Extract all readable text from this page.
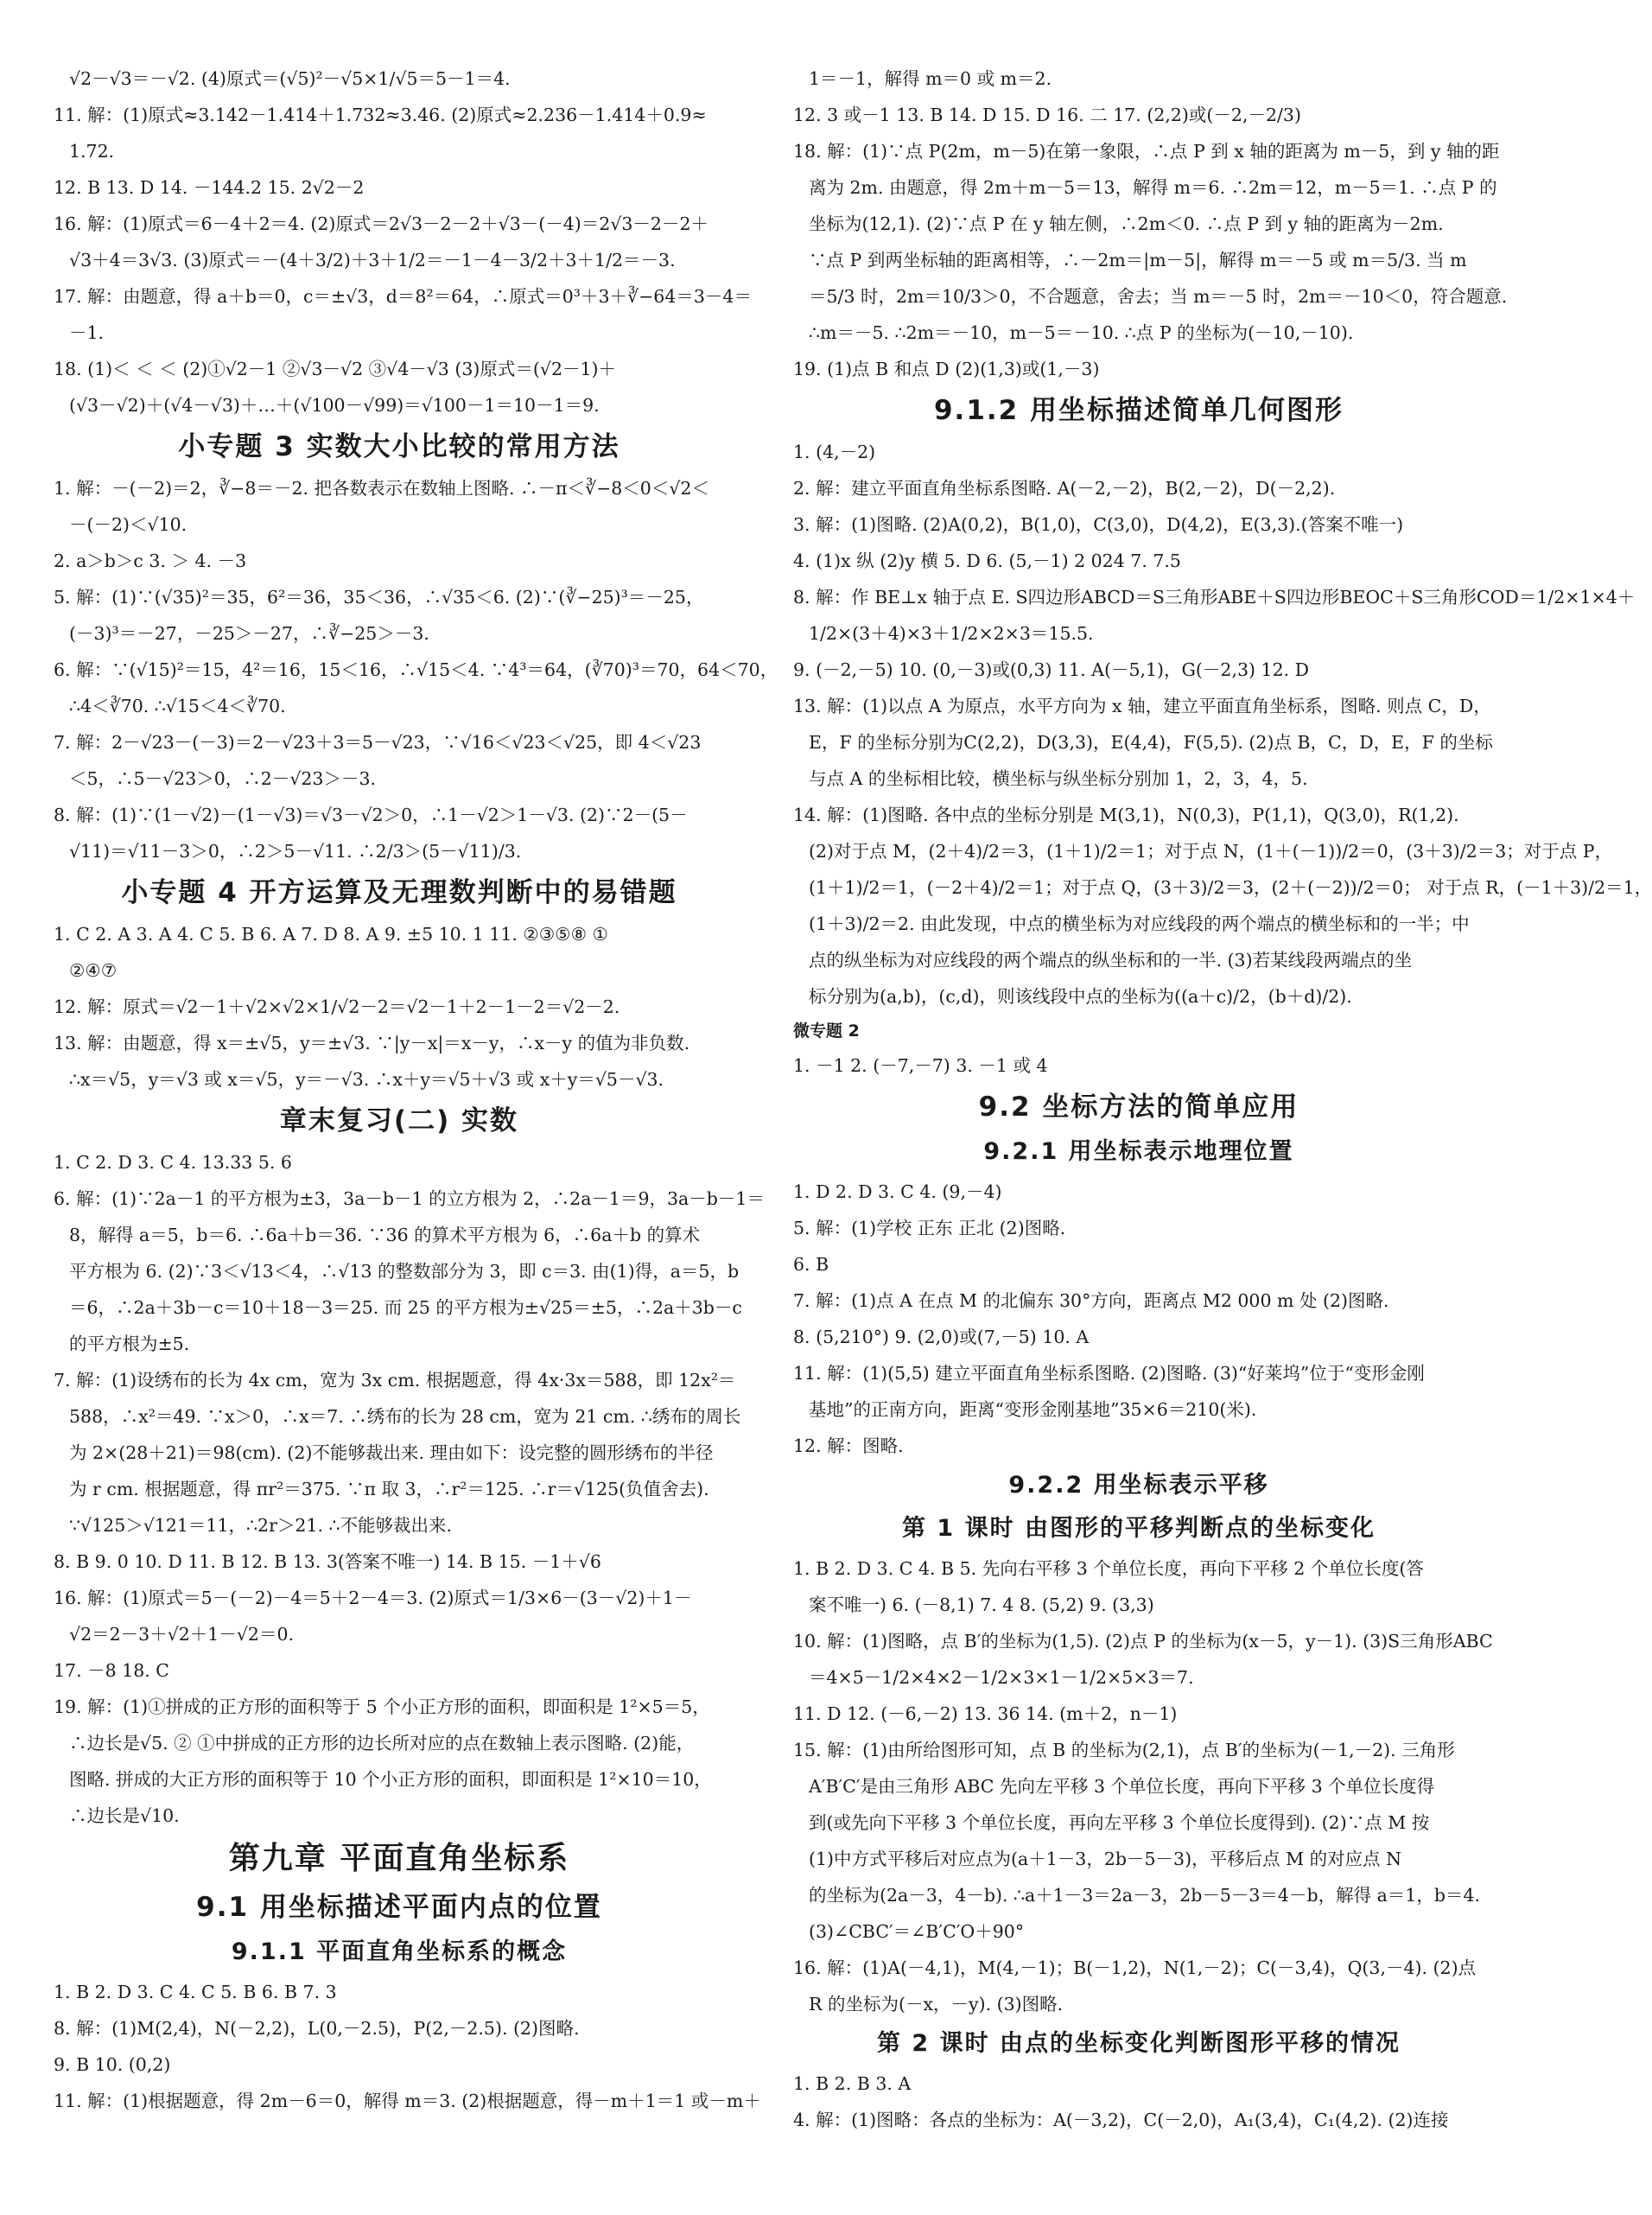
√2－√3＝－√2. (4)原式＝(√5)²－√5×1/√5＝5－1＝4.
11. 解：(1)原式≈3.142－1.414＋1.732≈3.46. (2)原式≈2.236－1.414＋0.9≈
1.72.
12. B 13. D 14. －144.2 15. 2√2－2
16. 解：(1)原式＝6－4＋2＝4. (2)原式＝2√3－2－2＋√3－(－4)＝2√3－2－2＋
√3＋4＝3√3. (3)原式＝－(4＋3/2)＋3＋1/2＝－1－4－3/2＋3＋1/2＝－3.
17. 解：由题意，得 a＋b＝0，c＝±√3，d＝8²＝64，∴原式＝0³＋3＋∛−64＝3－4＝
－1.
18. (1)＜ ＜ ＜ (2)①√2－1 ②√3－√2 ③√4－√3 (3)原式＝(√2－1)＋
(√3－√2)＋(√4－√3)＋…＋(√100－√99)＝√100－1＝10－1＝9.
小专题 3 实数大小比较的常用方法
1. 解：－(－2)＝2，∛−8＝－2. 把各数表示在数轴上图略. ∴－π＜∛−8＜0＜√2＜
－(－2)＜√10.
2. a＞b＞c 3. ＞ 4. －3
5. 解：(1)∵(√35)²＝35，6²＝36，35＜36，∴√35＜6. (2)∵(∛−25)³＝－25，
(－3)³＝－27，－25＞－27，∴∛−25＞－3.
6. 解：∵(√15)²＝15，4²＝16，15＜16，∴√15＜4. ∵4³＝64，(∛70)³＝70，64＜70，
∴4＜∛70. ∴√15＜4＜∛70.
7. 解：2－√23－(－3)＝2－√23＋3＝5－√23，∵√16＜√23＜√25，即 4＜√23
＜5，∴5－√23＞0，∴2－√23＞－3.
8. 解：(1)∵(1－√2)－(1－√3)＝√3－√2＞0，∴1－√2＞1－√3. (2)∵2－(5－
√11)＝√11－3＞0，∴2＞5－√11. ∴2/3＞(5－√11)/3.
小专题 4 开方运算及无理数判断中的易错题
1. C 2. A 3. A 4. C 5. B 6. A 7. D 8. A 9. ±5 10. 1 11. ②③⑤⑧ ①
②④⑦
12. 解：原式＝√2－1＋√2×√2×1/√2－2＝√2－1＋2－1－2＝√2－2.
13. 解：由题意，得 x＝±√5，y＝±√3. ∵|y－x|＝x－y，∴x－y 的值为非负数.
∴x＝√5，y＝√3 或 x＝√5，y＝－√3. ∴x＋y＝√5＋√3 或 x＋y＝√5－√3.
章末复习(二) 实数
1. C 2. D 3. C 4. 13.33 5. 6
6. 解：(1)∵2a－1 的平方根为±3，3a－b－1 的立方根为 2，∴2a－1＝9，3a－b－1＝
8，解得 a＝5，b＝6. ∴6a＋b＝36. ∵36 的算术平方根为 6，∴6a＋b 的算术
平方根为 6. (2)∵3＜√13＜4，∴√13 的整数部分为 3，即 c＝3. 由(1)得，a＝5，b
＝6，∴2a＋3b－c＝10＋18－3＝25. 而 25 的平方根为±√25＝±5，∴2a＋3b－c
的平方根为±5.
7. 解：(1)设绣布的长为 4x cm，宽为 3x cm. 根据题意，得 4x·3x＝588，即 12x²＝
588，∴x²＝49. ∵x＞0，∴x＝7. ∴绣布的长为 28 cm，宽为 21 cm. ∴绣布的周长
为 2×(28＋21)＝98(cm). (2)不能够裁出来. 理由如下：设完整的圆形绣布的半径
为 r cm. 根据题意，得 πr²＝375. ∵π 取 3，∴r²＝125. ∴r＝√125(负值舍去).
∵√125＞√121＝11，∴2r＞21. ∴不能够裁出来.
8. B 9. 0 10. D 11. B 12. B 13. 3(答案不唯一) 14. B 15. －1＋√6
16. 解：(1)原式＝5－(－2)－4＝5＋2－4＝3. (2)原式＝1/3×6－(3－√2)＋1－
√2＝2－3＋√2＋1－√2＝0.
17. －8 18. C
19. 解：(1)①拼成的正方形的面积等于 5 个小正方形的面积，即面积是 1²×5＝5，
∴边长是√5. ② ①中拼成的正方形的边长所对应的点在数轴上表示图略. (2)能，
图略. 拼成的大正方形的面积等于 10 个小正方形的面积，即面积是 1²×10＝10，
∴边长是√10.
第九章 平面直角坐标系
9.1 用坐标描述平面内点的位置
9.1.1 平面直角坐标系的概念
1. B 2. D 3. C 4. C 5. B 6. B 7. 3
8. 解：(1)M(2,4)，N(－2,2)，L(0,－2.5)，P(2,－2.5). (2)图略.
9. B 10. (0,2)
11. 解：(1)根据题意，得 2m－6＝0，解得 m＝3. (2)根据题意，得－m＋1＝1 或－m＋
1＝－1，解得 m＝0 或 m＝2.
12. 3 或－1 13. B 14. D 15. D 16. 二 17. (2,2)或(－2,－2/3)
18. 解：(1)∵点 P(2m，m－5)在第一象限，∴点 P 到 x 轴的距离为 m－5，到 y 轴的距
离为 2m. 由题意，得 2m＋m－5＝13，解得 m＝6. ∴2m＝12，m－5＝1. ∴点 P 的
坐标为(12,1). (2)∵点 P 在 y 轴左侧，∴2m＜0. ∴点 P 到 y 轴的距离为－2m.
∵点 P 到两坐标轴的距离相等，∴－2m＝|m－5|，解得 m＝－5 或 m＝5/3. 当 m
＝5/3 时，2m＝10/3＞0，不合题意，舍去；当 m＝－5 时，2m＝－10＜0，符合题意.
∴m＝－5. ∴2m＝－10，m－5＝－10. ∴点 P 的坐标为(－10,－10).
19. (1)点 B 和点 D (2)(1,3)或(1,－3)
9.1.2 用坐标描述简单几何图形
1. (4,－2)
2. 解：建立平面直角坐标系图略. A(－2,－2)，B(2,－2)，D(－2,2).
3. 解：(1)图略. (2)A(0,2)，B(1,0)，C(3,0)，D(4,2)，E(3,3).(答案不唯一)
4. (1)x 纵 (2)y 横 5. D 6. (5,－1) 2 024 7. 7.5
8. 解：作 BE⊥x 轴于点 E. S四边形ABCD＝S三角形ABE＋S四边形BEOC＋S三角形COD＝1/2×1×4＋
1/2×(3＋4)×3＋1/2×2×3＝15.5.
9. (－2,－5) 10. (0,－3)或(0,3) 11. A(－5,1)，G(－2,3) 12. D
13. 解：(1)以点 A 为原点，水平方向为 x 轴，建立平面直角坐标系，图略. 则点 C，D，
E，F 的坐标分别为C(2,2)，D(3,3)，E(4,4)，F(5,5). (2)点 B，C，D，E，F 的坐标
与点 A 的坐标相比较，横坐标与纵坐标分别加 1，2，3，4，5.
14. 解：(1)图略. 各中点的坐标分别是 M(3,1)，N(0,3)，P(1,1)，Q(3,0)，R(1,2).
(2)对于点 M，(2＋4)/2＝3，(1＋1)/2＝1；对于点 N，(1＋(－1))/2＝0，(3＋3)/2＝3；对于点 P，
(1＋1)/2＝1，(－2＋4)/2＝1；对于点 Q，(3＋3)/2＝3，(2＋(－2))/2＝0； 对于点 R，(－1＋3)/2＝1，
(1＋3)/2＝2. 由此发现，中点的横坐标为对应线段的两个端点的横坐标和的一半；中
点的纵坐标为对应线段的两个端点的纵坐标和的一半. (3)若某线段两端点的坐
标分别为(a,b)，(c,d)，则该线段中点的坐标为((a＋c)/2，(b＋d)/2).
微专题 2
1. －1 2. (－7,－7) 3. －1 或 4
9.2 坐标方法的简单应用
9.2.1 用坐标表示地理位置
1. D 2. D 3. C 4. (9,－4)
5. 解：(1)学校 正东 正北 (2)图略.
6. B
7. 解：(1)点 A 在点 M 的北偏东 30°方向，距离点 M2 000 m 处 (2)图略.
8. (5,210°) 9. (2,0)或(7,－5) 10. A
11. 解：(1)(5,5) 建立平面直角坐标系图略. (2)图略. (3)“好莱坞”位于“变形金刚
基地”的正南方向，距离“变形金刚基地”35×6＝210(米).
12. 解：图略.
9.2.2 用坐标表示平移
第 1 课时 由图形的平移判断点的坐标变化
1. B 2. D 3. C 4. B 5. 先向右平移 3 个单位长度，再向下平移 2 个单位长度(答
案不唯一) 6. (－8,1) 7. 4 8. (5,2) 9. (3,3)
10. 解：(1)图略，点 B′的坐标为(1,5). (2)点 P 的坐标为(x－5，y－1). (3)S三角形ABC
＝4×5－1/2×4×2－1/2×3×1－1/2×5×3＝7.
11. D 12. (－6,－2) 13. 36 14. (m＋2，n－1)
15. 解：(1)由所给图形可知，点 B 的坐标为(2,1)，点 B′的坐标为(－1,－2). 三角形
A′B′C′是由三角形 ABC 先向左平移 3 个单位长度，再向下平移 3 个单位长度得
到(或先向下平移 3 个单位长度，再向左平移 3 个单位长度得到). (2)∵点 M 按
(1)中方式平移后对应点为(a＋1－3，2b－5－3)，平移后点 M 的对应点 N
的坐标为(2a－3，4－b). ∴a＋1－3＝2a－3，2b－5－3＝4－b，解得 a＝1，b＝4.
(3)∠CBC′＝∠B′C′O＋90°
16. 解：(1)A(－4,1)，M(4,－1)；B(－1,2)，N(1,－2)；C(－3,4)，Q(3,－4). (2)点
R 的坐标为(－x，－y). (3)图略.
第 2 课时 由点的坐标变化判断图形平移的情况
1. B 2. B 3. A
4. 解：(1)图略：各点的坐标为：A(－3,2)，C(－2,0)，A₁(3,4)，C₁(4,2). (2)连接
